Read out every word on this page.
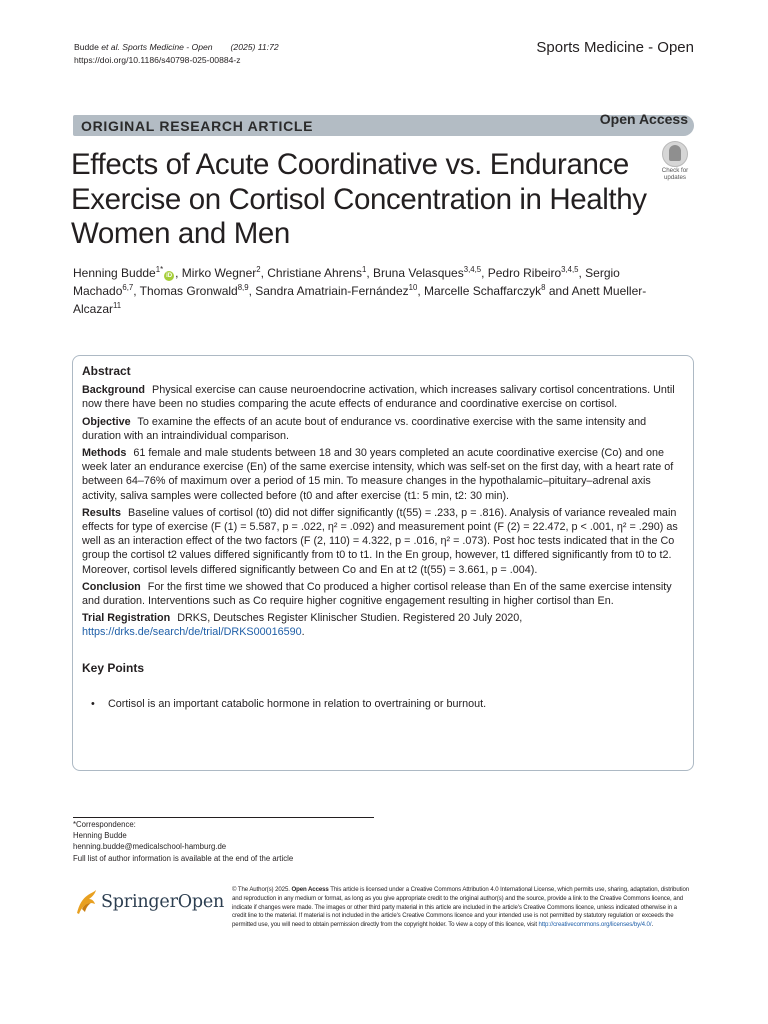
Budde et al. Sports Medicine - Open (2025) 11:72
https://doi.org/10.1186/s40798-025-00884-z
Sports Medicine - Open
ORIGINAL RESEARCH ARTICLE	Open Access
Effects of Acute Coordinative vs. Endurance Exercise on Cortisol Concentration in Healthy Women and Men
Check for
updates
Henning Budde$^{1*}$iD , Mirko Wegner$^2$, Christiane Ahrens$^1$, Bruna Velasques$^{3,4,5}$, Pedro Ribeiro$^{3,4,5}$, Sergio Machado$^{6,7}$, Thomas Gronwald$^{8,9}$, Sandra Amatriain-Fernández$^{10}$, Marcelle Schaffarczyk$^8$ and Anett Mueller-Alcazar$^{11}$
Abstract
Background Physical exercise can cause neuroendocrine activation, which increases salivary cortisol concentrations. Until now there have been no studies comparing the acute effects of endurance and coordinative exercise on cortisol.
Objective To examine the effects of an acute bout of endurance vs. coordinative exercise with the same intensity and duration with an intraindividual comparison.
Methods 61 female and male students between 18 and 30 years completed an acute coordinative exercise (Co) and one week later an endurance exercise (En) of the same exercise intensity, which was self-set on the first day, with a heart rate of between 64–76% of maximum over a period of 15 min. To measure changes in the hypothalamic–pituitary–adrenal axis activity, saliva samples were collected before (t0 and after exercise (t1: 5 min, t2: 30 min).
Results Baseline values of cortisol (t0) did not differ significantly (t(55) = .233, p = .816). Analysis of variance revealed main effects for type of exercise (F (1) = 5.587, p = .022, η² = .092) and measurement point (F (2) = 22.472, p < .001, η² = .290) as well as an interaction effect of the two factors (F (2, 110) = 4.322, p = .016, η² = .073). Post hoc tests indicated that in the Co group the cortisol t2 values differed significantly from t0 to t1. In the En group, however, t1 differed significantly from t0 to t2. Moreover, cortisol levels differed significantly between Co and En at t2 (t(55) = 3.661, p = .004).
Conclusion For the first time we showed that Co produced a higher cortisol release than En of the same exercise intensity and duration. Interventions such as Co require higher cognitive engagement resulting in higher cortisol than En.
Trial Registration DRKS, Deutsches Register Klinischer Studien. Registered 20 July 2020, https://drks.de/search/de/trial/DRKS00016590.
Key Points
• Cortisol is an important catabolic hormone in relation to overtraining or burnout.
*Correspondence:
Henning Budde
henning.budde@medicalschool-hamburg.de
Full list of author information is available at the end of the article
SpringerOpen
© The Author(s) 2025. Open Access This article is licensed under a Creative Commons Attribution 4.0 International License, which permits use, sharing, adaptation, distribution and reproduction in any medium or format, as long as you give appropriate credit to the original author(s) and the source, provide a link to the Creative Commons licence, and indicate if changes were made. The images or other third party material in this article are included in the article's Creative Commons licence, unless indicated otherwise in a credit line to the material. If material is not included in the article's Creative Commons licence and your intended use is not permitted by statutory regulation or exceeds the permitted use, you will need to obtain permission directly from the copyright holder. To view a copy of this licence, visit http://creativecommons.org/licenses/by/4.0/.
